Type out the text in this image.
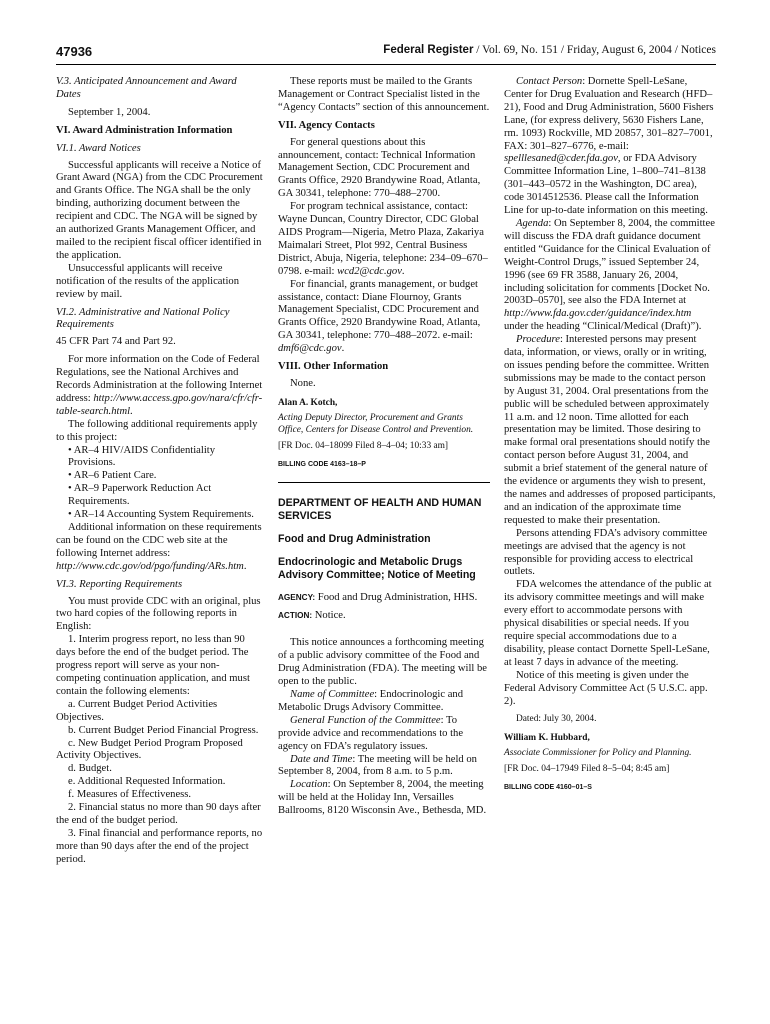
47936	Federal Register / Vol. 69, No. 151 / Friday, August 6, 2004 / Notices

V.3. Anticipated Announcement and Award Dates

September 1, 2004.

VI. Award Administration Information

VI.1. Award Notices

Successful applicants will receive a Notice of Grant Award (NGA) from the CDC Procurement and Grants Office. The NGA shall be the only binding, authorizing document between the recipient and CDC. The NGA will be signed by an authorized Grants Management Officer, and mailed to the recipient fiscal officer identified in the application.

Unsuccessful applicants will receive notification of the results of the application review by mail.

VI.2. Administrative and National Policy Requirements

45 CFR Part 74 and Part 92.

For more information on the Code of Federal Regulations, see the National Archives and Records Administration at the following Internet address: http://www.access.gpo.gov/nara/cfr/cfr-table-search.html.

The following additional requirements apply to this project:

• AR–4 HIV/AIDS Confidentiality Provisions.

• AR–6 Patient Care.

• AR–9 Paperwork Reduction Act Requirements.

• AR–14 Accounting System Requirements.

Additional information on these requirements can be found on the CDC web site at the following Internet address: http://www.cdc.gov/od/pgo/funding/ARs.htm.

VI.3. Reporting Requirements

You must provide CDC with an original, plus two hard copies of the following reports in English:

1. Interim progress report, no less than 90 days before the end of the budget period. The progress report will serve as your non-competing continuation application, and must contain the following elements:

a. Current Budget Period Activities Objectives.

b. Current Budget Period Financial Progress.

c. New Budget Period Program Proposed Activity Objectives.

d. Budget.

e. Additional Requested Information.

f. Measures of Effectiveness.

2. Financial status no more than 90 days after the end of the budget period.

3. Final financial and performance reports, no more than 90 days after the end of the project period.

These reports must be mailed to the Grants Management or Contract Specialist listed in the “Agency Contacts” section of this announcement.

VII. Agency Contacts

For general questions about this announcement, contact: Technical Information Management Section, CDC Procurement and Grants Office, 2920 Brandywine Road, Atlanta, GA 30341, telephone: 770–488–2700.

For program technical assistance, contact: Wayne Duncan, Country Director, CDC Global AIDS Program—Nigeria, Metro Plaza, Zakariya Maimalari Street, Plot 992, Central Business District, Abuja, Nigeria, telephone: 234–09–670–0798. e-mail: wcd2@cdc.gov.

For financial, grants management, or budget assistance, contact: Diane Flournoy, Grants Management Specialist, CDC Procurement and Grants Office, 2920 Brandywine Road, Atlanta, GA 30341, telephone: 770–488–2072. e-mail: dmf6@cdc.gov.

VIII. Other Information

None.

Alan A. Kotch,

Acting Deputy Director, Procurement and Grants Office, Centers for Disease Control and Prevention.

[FR Doc. 04–18099 Filed 8–4–04; 10:33 am]

BILLING CODE 4163–18–P

DEPARTMENT OF HEALTH AND HUMAN SERVICES

Food and Drug Administration

Endocrinologic and Metabolic Drugs Advisory Committee; Notice of Meeting

AGENCY: Food and Drug Administration, HHS.

ACTION: Notice.

This notice announces a forthcoming meeting of a public advisory committee of the Food and Drug Administration (FDA). The meeting will be open to the public.

Name of Committee: Endocrinologic and Metabolic Drugs Advisory Committee.

General Function of the Committee: To provide advice and recommendations to the agency on FDA’s regulatory issues.

Date and Time: The meeting will be held on September 8, 2004, from 8 a.m. to 5 p.m.

Location: On September 8, 2004, the meeting will be held at the Holiday Inn, Versailles Ballrooms, 8120 Wisconsin Ave., Bethesda, MD.

Contact Person: Dornette Spell-LeSane, Center for Drug Evaluation and Research (HFD–21), Food and Drug Administration, 5600 Fishers Lane, (for express delivery, 5630 Fishers Lane, rm. 1093) Rockville, MD 20857, 301–827–7001, FAX: 301–827–6776, e-mail: spelllesaned@cder.fda.gov, or FDA Advisory Committee Information Line, 1–800–741–8138 (301–443–0572 in the Washington, DC area), code 3014512536. Please call the Information Line for up-to-date information on this meeting.

Agenda: On September 8, 2004, the committee will discuss the FDA draft guidance document entitled “Guidance for the Clinical Evaluation of Weight-Control Drugs,” issued September 24, 1996 (see 69 FR 3588, January 26, 2004, including solicitation for comments [Docket No. 2003D–0570], see also the FDA Internet at http://www.fda.gov.cder/guidance/index.htm under the heading “Clinical/Medical (Draft)”).

Procedure: Interested persons may present data, information, or views, orally or in writing, on issues pending before the committee. Written submissions may be made to the contact person by August 31, 2004. Oral presentations from the public will be scheduled between approximately 11 a.m. and 12 noon. Time allotted for each presentation may be limited. Those desiring to make formal oral presentations should notify the contact person before August 31, 2004, and submit a brief statement of the general nature of the evidence or arguments they wish to present, the names and addresses of proposed participants, and an indication of the approximate time requested to make their presentation.

Persons attending FDA’s advisory committee meetings are advised that the agency is not responsible for providing access to electrical outlets.

FDA welcomes the attendance of the public at its advisory committee meetings and will make every effort to accommodate persons with physical disabilities or special needs. If you require special accommodations due to a disability, please contact Dornette Spell-LeSane, at least 7 days in advance of the meeting.

Notice of this meeting is given under the Federal Advisory Committee Act (5 U.S.C. app. 2).

Dated: July 30, 2004.

William K. Hubbard,

Associate Commissioner for Policy and Planning.

[FR Doc. 04–17949 Filed 8–5–04; 8:45 am]

BILLING CODE 4160–01–S
